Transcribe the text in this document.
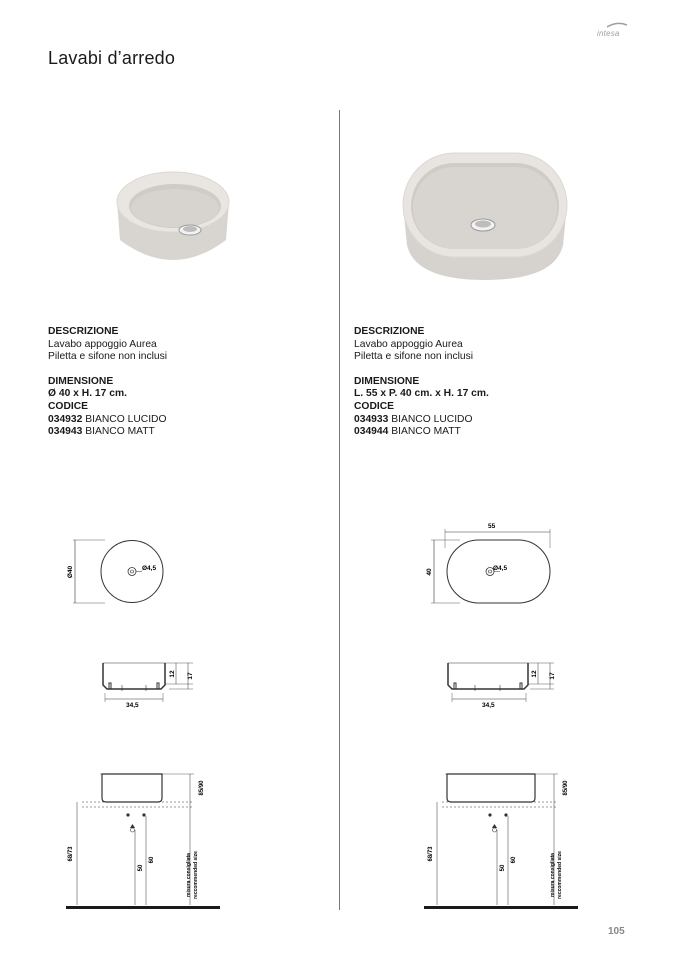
intesa
Lavabi d’arredo
DESCRIZIONE
Lavabo appoggio Aurea
Piletta e sifone non inclusi
DIMENSIONE
Ø 40 x H. 17 cm.
CODICE
034932 BIANCO LUCIDO
034943 BIANCO MATT
DESCRIZIONE
Lavabo appoggio Aurea
Piletta e sifone non inclusi
DIMENSIONE
L. 55 x P. 40 cm. x H. 17 cm.
CODICE
034933 BIANCO LUCIDO
034944 BIANCO MATT
Ø40	Ø4,5
55
40	Ø4,5
34,5
12 17
34,5
12 17
85/90
68/73
50
60	misura consigliata reccommended size
85/90
68/73
50
60	misura consigliata reccommended size
105
